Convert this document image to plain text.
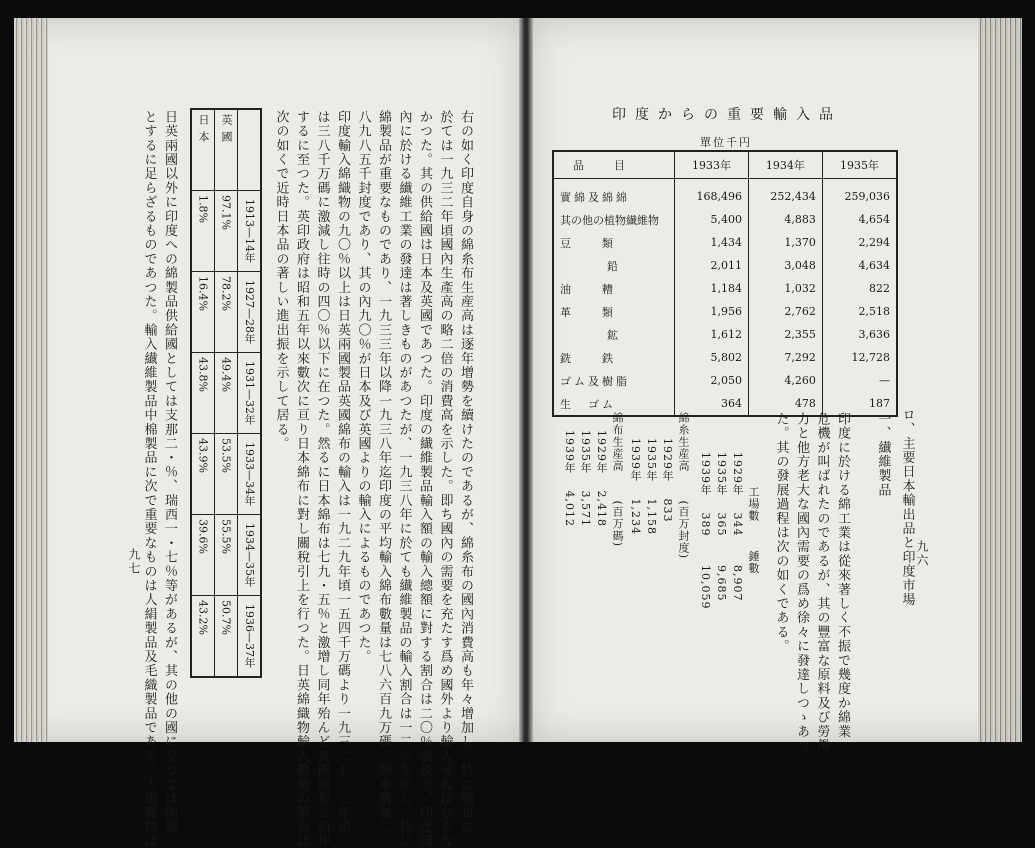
右の如く印度自身の綿糸布生産高は逐年增勢を續けたのであるが、綿糸布の國內消費高も年々增加し、特に綿布に
於ては一九三二年頃國內生產高の略二倍の消費高を示した。即ち國內の需要を充たす爲め國外より輸入せねばならな
かつた。其の供給國は日本及英國であつた。印度の纎維製品輸入額の輸入總額に對する割合は二〇％前後で、印度國
內に於ける纎維工業の發達は著しきものがあつたが、一九三八年に於ても纎維製品の輸入割合は一二％を示し、特に
綿製品が重要なものであり、一九三三年以降一九三八年迄印度の平均輸入綿布數量は七八六百九万碼、綿糸數量二
八九八五千封度であり、其の內九〇％が日本及び英國よりの輸入によるものであつた。
印度輸入綿織物の九〇％以上は日英兩國製品英國綿布の輸入は一九二九年頃一五四千万碼より一九三二—三三年頃
は三八千万碼に激減し往時の四〇％以下に在つた。然るに日本綿布は七九・五％と激增し同年殆んど英國綿布と伯仲
するに至つた。英印政府は昭和五年以來數次に亘り日本綿布に對し關稅引上を行つた。日英綿織物輸入數量の割合は
次の如くで近時日本品の著しい進出振を示して居る。
	1913—14年	1927—28年	1931—32年	1933—34年	1934—35年	1936—37年
英國	97.1%	78.2%	49.4%	53.5%	55.5%	50.7%
日本	1.8%	16.4%	43.8%	43.9%	39.6%	43.2%
日英兩國以外に印度への綿製品供給國としては支那二・％、瑞西一・七％等があるが、其の他の國に至つては問題
とするに足らざるものであつた。輸入纎維製品中棉製品に次で重要なものは人絹製品及毛織製品である。人絹織物は
九七
印度からの重要輸入品
單位千円
品目	1933年	1934年	1935年
實綿及綿綿	168,496	252,434	259,036
其の他の植物纎維物	5,400	4,883	4,654
豆　　類	1,434	1,370	2,294
鉛	2,011	3,048	4,634
油　　糟	1,184	1,032	822
革　　類	1,956	2,762	2,518
鉱	1,612	2,355	3,636
銑　　鉄	5,802	7,292	12,728
ゴム及樹脂	2,050	4,260	—
生　ゴム	364	478	187
ロ、主要日本輸出品と印度市場
一、纎維製品
印度に於ける綿工業は從來著しく不振で幾度か綿業
危機が叫ばれたのであるが、其の豐富な原料及び勞働
力と他方老大な國內需要の爲め徐々に發達しつゝあつ
た。其の發展過程は次の如くである。
工場數　　 錘數
1929年　 344　　 8,907
1935年　 365　　 9,685
1939年　 389　　 10,059
綿糸生産高　　 (百万封度)
1929年　 833
1935年　 1,158
1939年　 1,234
綿布生産高　　 (百万碼)
1929年　 2,418
1935年　 3,571
1939年　 4,012
九六
